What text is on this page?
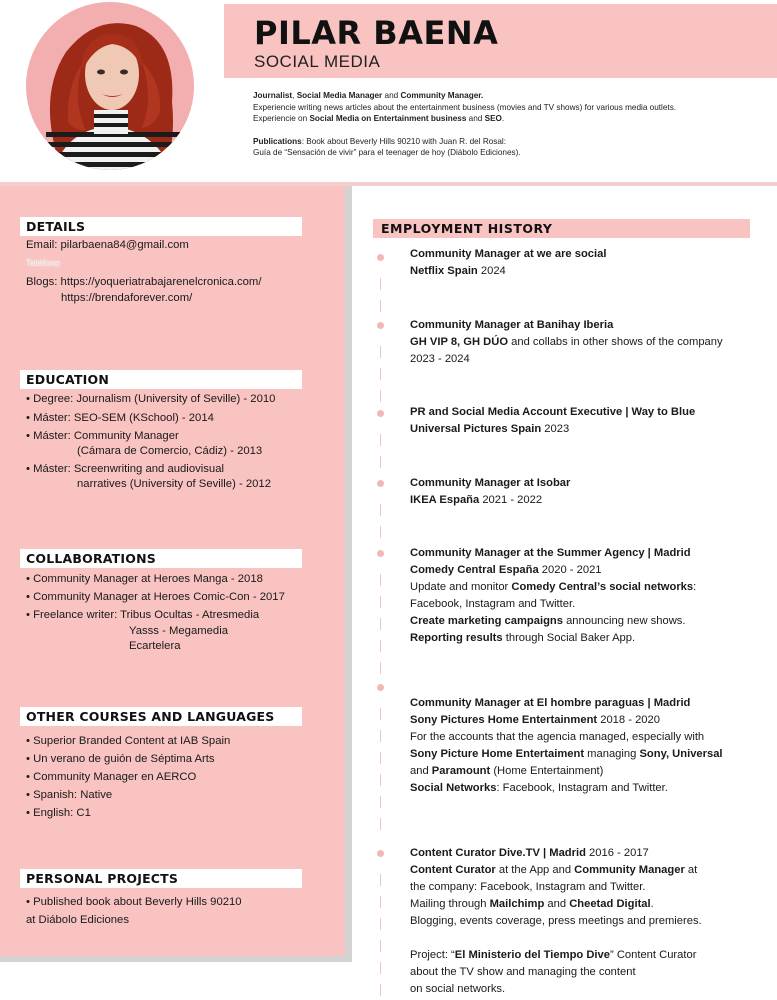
PILAR BAENA
SOCIAL MEDIA

Journalist, Social Media Manager and Community Manager.

Experiencie writing news articles about the entertainment business (movies and TV shows) for various media outlets.

Experiencie on Social Media on Entertainment business and SEO.

Publications: Book about Beverly Hills 90210 with Juan R. del Rosal:

Guía de “Sensación de vivir” para el teenager de hoy (Diábolo Ediciones).

DETAILS
Email: pilarbaena84@gmail.com
Teléfono
Blogs: https://yoqueriatrabajarenelcronica.com/
https://brendaforever.com/
EDUCATION
• Degree: Journalism (University of Seville) - 2010
• Máster: SEO-SEM (KSchool) - 2014
• Máster: Community Manager
(Cámara de Comercio, Cádiz) - 2013
• Máster: Screenwriting and audiovisual
narratives (University of Seville) - 2012
COLLABORATIONS
• Community Manager at Heroes Manga - 2018
• Community Manager at Heroes Comic-Con - 2017
• Freelance writer: Tribus Ocultas - Atresmedia
Yasss - Megamedia
Ecartelera
OTHER COURSES AND LANGUAGES
• Superior Branded Content at IAB Spain
• Un verano de guión de Séptima Arts
• Community Manager en AERCO
• Spanish: Native
• English: C1
PERSONAL PROJECTS
• Published book about Beverly Hills 90210
at Diábolo Ediciones
EMPLOYMENT HISTORY
Community Manager at we are social
Netflix Spain 2024
Community Manager at Banihay Iberia
GH VIP 8, GH DÚO and collabs in other shows of the company
2023 - 2024
PR and Social Media Account Executive | Way to Blue
Universal Pictures Spain 2023
Community Manager at Isobar
IKEA España 2021 - 2022
Community Manager at the Summer Agency | Madrid
Comedy Central España 2020 - 2021
Update and monitor Comedy Central’s social networks:
Facebook, Instagram and Twitter.
Create marketing campaigns announcing new shows.
Reporting results through Social Baker App.
Community Manager at El hombre paraguas | Madrid
Sony Pictures Home Entertainment 2018 - 2020
For the accounts that the agencia managed, especially with
Sony Picture Home Entertaiment managing Sony, Universal
and Paramount (Home Entertainment)
Social Networks: Facebook, Instagram and Twitter.
Content Curator Dive.TV | Madrid 2016 - 2017
Content Curator at the App and Community Manager at
the company: Facebook, Instagram and Twitter.
Mailing through Mailchimp and Cheetad Digital.
Blogging, events coverage, press meetings and premieres.
Project: “El Ministerio del Tiempo Dive” Content Curator
about the TV show and managing the content
on social networks.
